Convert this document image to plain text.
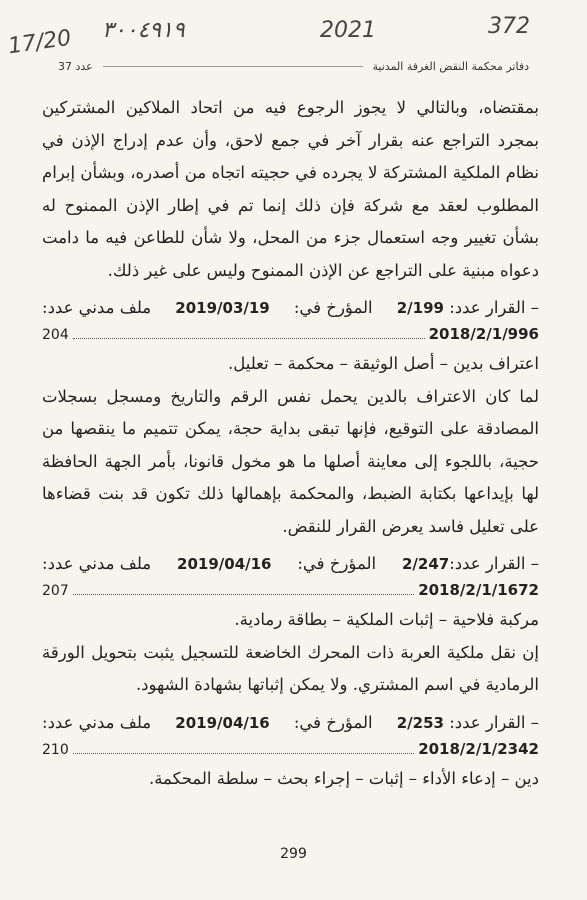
17/20 ٣٠٠٤٩١٩	2021	372
دفاتر محكمة النقض الغرفة المدنية
عدد 37

بمقتضاه، وبالتالي لا يجوز الرجوع فيه من اتحاد الملاكين المشتركين بمجرد التراجع عنه بقرار آخر في جمع لاحق، وأن عدم إدراج الإذن في نظام الملكية المشتركة لا يجرده في حجيته اتجاه من أصدره، وبشأن إبرام المطلوب لعقد مع شركة فإن ذلك إنما تم في إطار الإذن الممنوح له بشأن تغيير وجه استعمال جزء من المحل، ولا شأن للطاعن فيه ما دامت دعواه مبنية على التراجع عن الإذن الممنوح وليس على غير ذلك.

– القرار عدد: 2/199
المؤرخ في:
2019/03/19
ملف مدني عدد:
2018/2/1/996
204

اعتراف بدين – أصل الوثيقة – محكمة – تعليل.

لما كان الاعتراف بالدين يحمل نفس الرقم والتاريخ ومسجل بسجلات المصادقة على التوقيع، فإنها تبقى بداية حجة، يمكن تتميم ما ينقصها من حجية، باللجوء إلى معاينة أصلها ما هو مخول قانونا، بأمر الجهة الحافظة لها بإيداعها بكتابة الضبط، والمحكمة بإهمالها ذلك تكون قد بنت قضاءها على تعليل فاسد يعرض القرار للنقض.

– القرار عدد:2/247
المؤرخ في:
2019/04/16
ملف مدني عدد:
2018/2/1/1672
207

مركبة فلاحية – إثبات الملكية – بطاقة رمادية.

إن نقل ملكية العربة ذات المحرك الخاضعة للتسجيل يثبت بتحويل الورقة الرمادية في اسم المشتري. ولا يمكن إثباتها بشهادة الشهود.

– القرار عدد: 2/253
المؤرخ في:
2019/04/16
ملف مدني عدد:
2018/2/1/2342
210

دين – إدعاء الأداء – إثبات – إجراء بحث – سلطة المحكمة.

299
